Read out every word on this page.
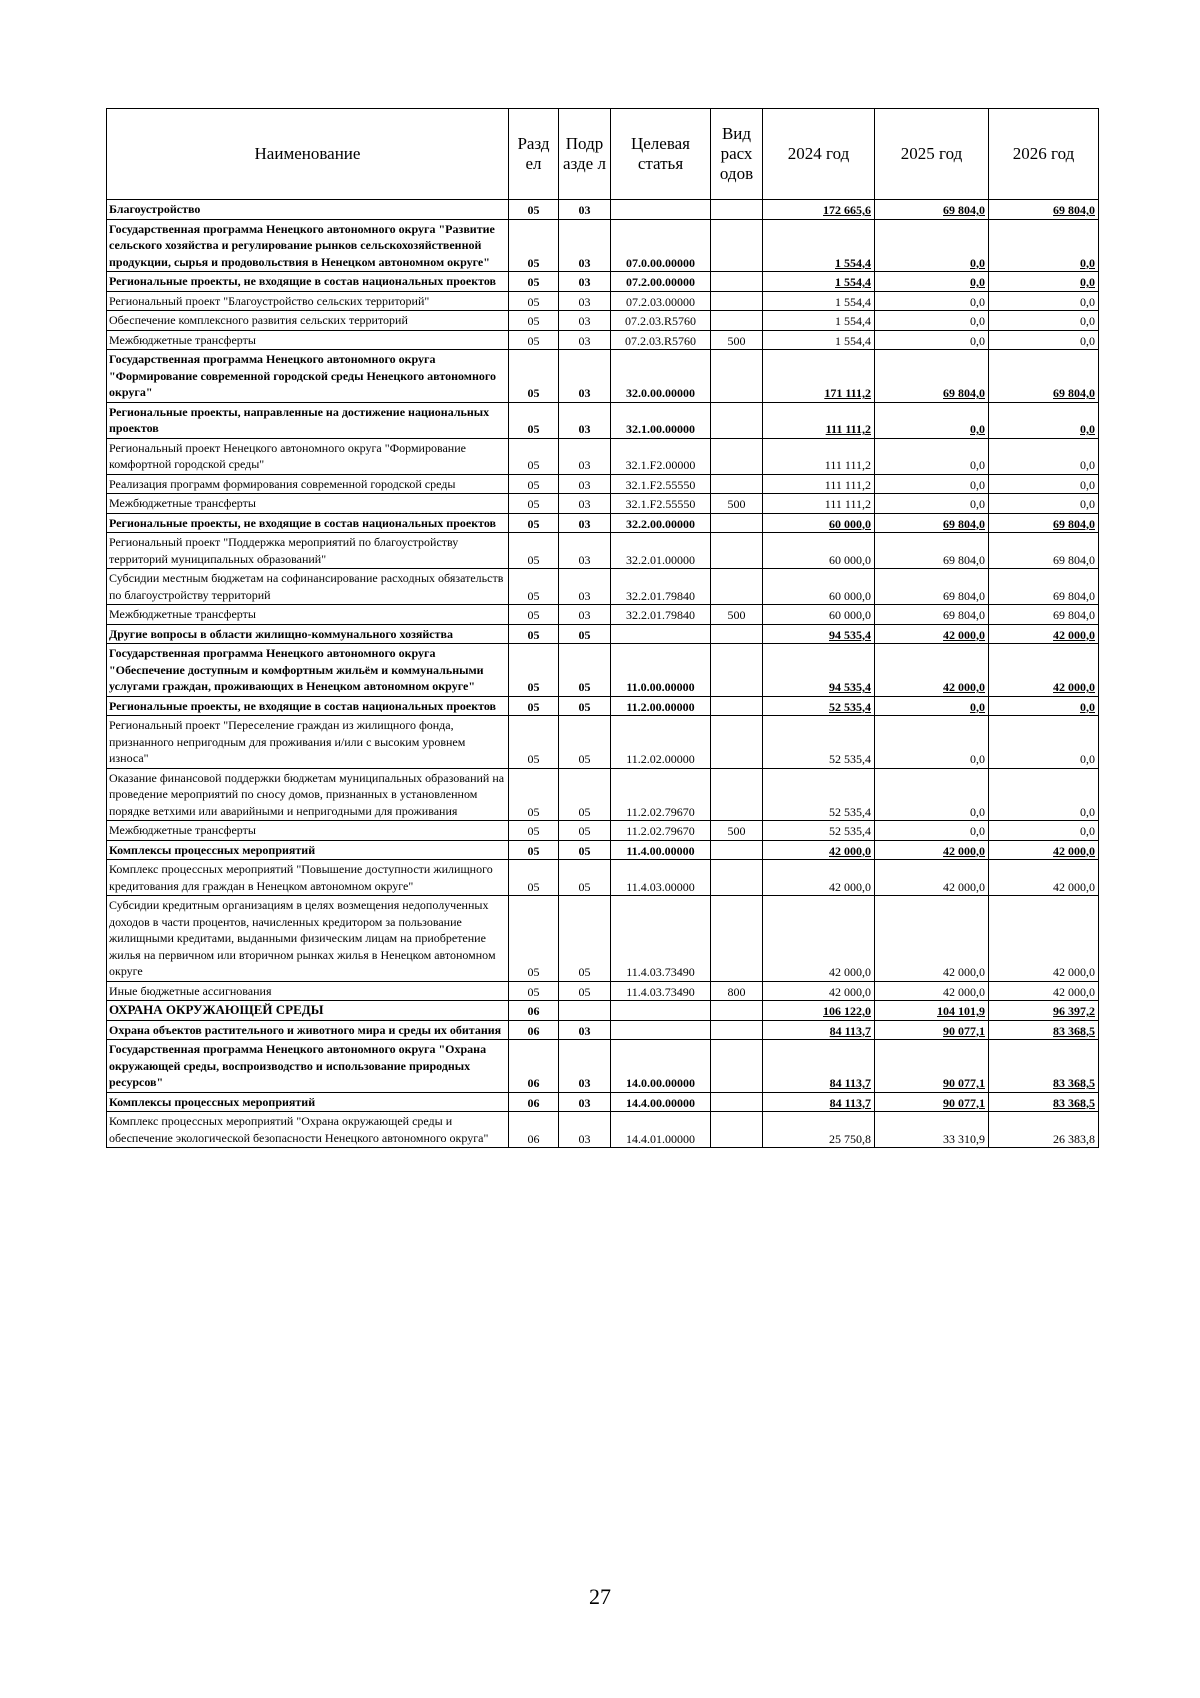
Наименование	Разд ел	Подр азде л	Целевая статья	Вид расх одов	2024 год	2025 год	2026 год
Благоустройство	05	03			172 665,6	69 804,0	69 804,0
Государственная программа Ненецкого автономного округа "Развитие сельского хозяйства и регулирование рынков сельскохозяйственной продукции, сырья и продовольствия в Ненецком автономном округе"	05	03	07.0.00.00000		1 554,4	0,0	0,0
Региональные проекты, не входящие в состав национальных проектов	05	03	07.2.00.00000		1 554,4	0,0	0,0
Региональный проект "Благоустройство сельских территорий"	05	03	07.2.03.00000		1 554,4	0,0	0,0
Обеспечение комплексного развития сельских территорий	05	03	07.2.03.R5760		1 554,4	0,0	0,0
Межбюджетные трансферты	05	03	07.2.03.R5760	500	1 554,4	0,0	0,0
Государственная программа Ненецкого автономного округа "Формирование современной городской среды Ненецкого автономного округа"	05	03	32.0.00.00000		171 111,2	69 804,0	69 804,0
Региональные проекты, направленные на достижение национальных проектов	05	03	32.1.00.00000		111 111,2	0,0	0,0
Региональный проект Ненецкого автономного округа "Формирование комфортной городской среды"	05	03	32.1.F2.00000		111 111,2	0,0	0,0
Реализация программ формирования современной городской среды	05	03	32.1.F2.55550		111 111,2	0,0	0,0
Межбюджетные трансферты	05	03	32.1.F2.55550	500	111 111,2	0,0	0,0
Региональные проекты, не входящие в состав национальных проектов	05	03	32.2.00.00000		60 000,0	69 804,0	69 804,0
Региональный проект "Поддержка мероприятий по благоустройству территорий муниципальных образований"	05	03	32.2.01.00000		60 000,0	69 804,0	69 804,0
Субсидии местным бюджетам на софинансирование расходных обязательств по благоустройству территорий	05	03	32.2.01.79840		60 000,0	69 804,0	69 804,0
Межбюджетные трансферты	05	03	32.2.01.79840	500	60 000,0	69 804,0	69 804,0
Другие вопросы в области жилищно-коммунального хозяйства	05	05			94 535,4	42 000,0	42 000,0
Государственная программа Ненецкого автономного округа "Обеспечение доступным и комфортным жильём и коммунальными услугами граждан, проживающих в Ненецком автономном округе"	05	05	11.0.00.00000		94 535,4	42 000,0	42 000,0
Региональные проекты, не входящие в состав национальных проектов	05	05	11.2.00.00000		52 535,4	0,0	0,0
Региональный проект "Переселение граждан из жилищного фонда, признанного непригодным для проживания и/или с высоким уровнем износа"	05	05	11.2.02.00000		52 535,4	0,0	0,0
Оказание финансовой поддержки бюджетам муниципальных образований на проведение мероприятий по сносу домов, признанных в установленном порядке ветхими или аварийными и непригодными для проживания	05	05	11.2.02.79670		52 535,4	0,0	0,0
Межбюджетные трансферты	05	05	11.2.02.79670	500	52 535,4	0,0	0,0
Комплексы процессных мероприятий	05	05	11.4.00.00000		42 000,0	42 000,0	42 000,0
Комплекс процессных мероприятий "Повышение доступности жилищного кредитования для граждан в Ненецком автономном округе"	05	05	11.4.03.00000		42 000,0	42 000,0	42 000,0
Субсидии кредитным организациям в целях возмещения недополученных доходов в части процентов, начисленных кредитором за пользование жилищными кредитами, выданными физическим лицам на приобретение жилья на первичном или вторичном рынках жилья в Ненецком автономном округе	05	05	11.4.03.73490		42 000,0	42 000,0	42 000,0
Иные бюджетные ассигнования	05	05	11.4.03.73490	800	42 000,0	42 000,0	42 000,0
ОХРАНА ОКРУЖАЮЩЕЙ СРЕДЫ	06				106 122,0	104 101,9	96 397,2
Охрана объектов растительного и животного мира и среды их обитания	06	03			84 113,7	90 077,1	83 368,5
Государственная программа Ненецкого автономного округа "Охрана окружающей среды, воспроизводство и использование природных ресурсов"	06	03	14.0.00.00000		84 113,7	90 077,1	83 368,5
Комплексы процессных мероприятий	06	03	14.4.00.00000		84 113,7	90 077,1	83 368,5
Комплекс процессных мероприятий "Охрана окружающей среды и обеспечение экологической безопасности Ненецкого автономного округа"	06	03	14.4.01.00000		25 750,8	33 310,9	26 383,8
27
